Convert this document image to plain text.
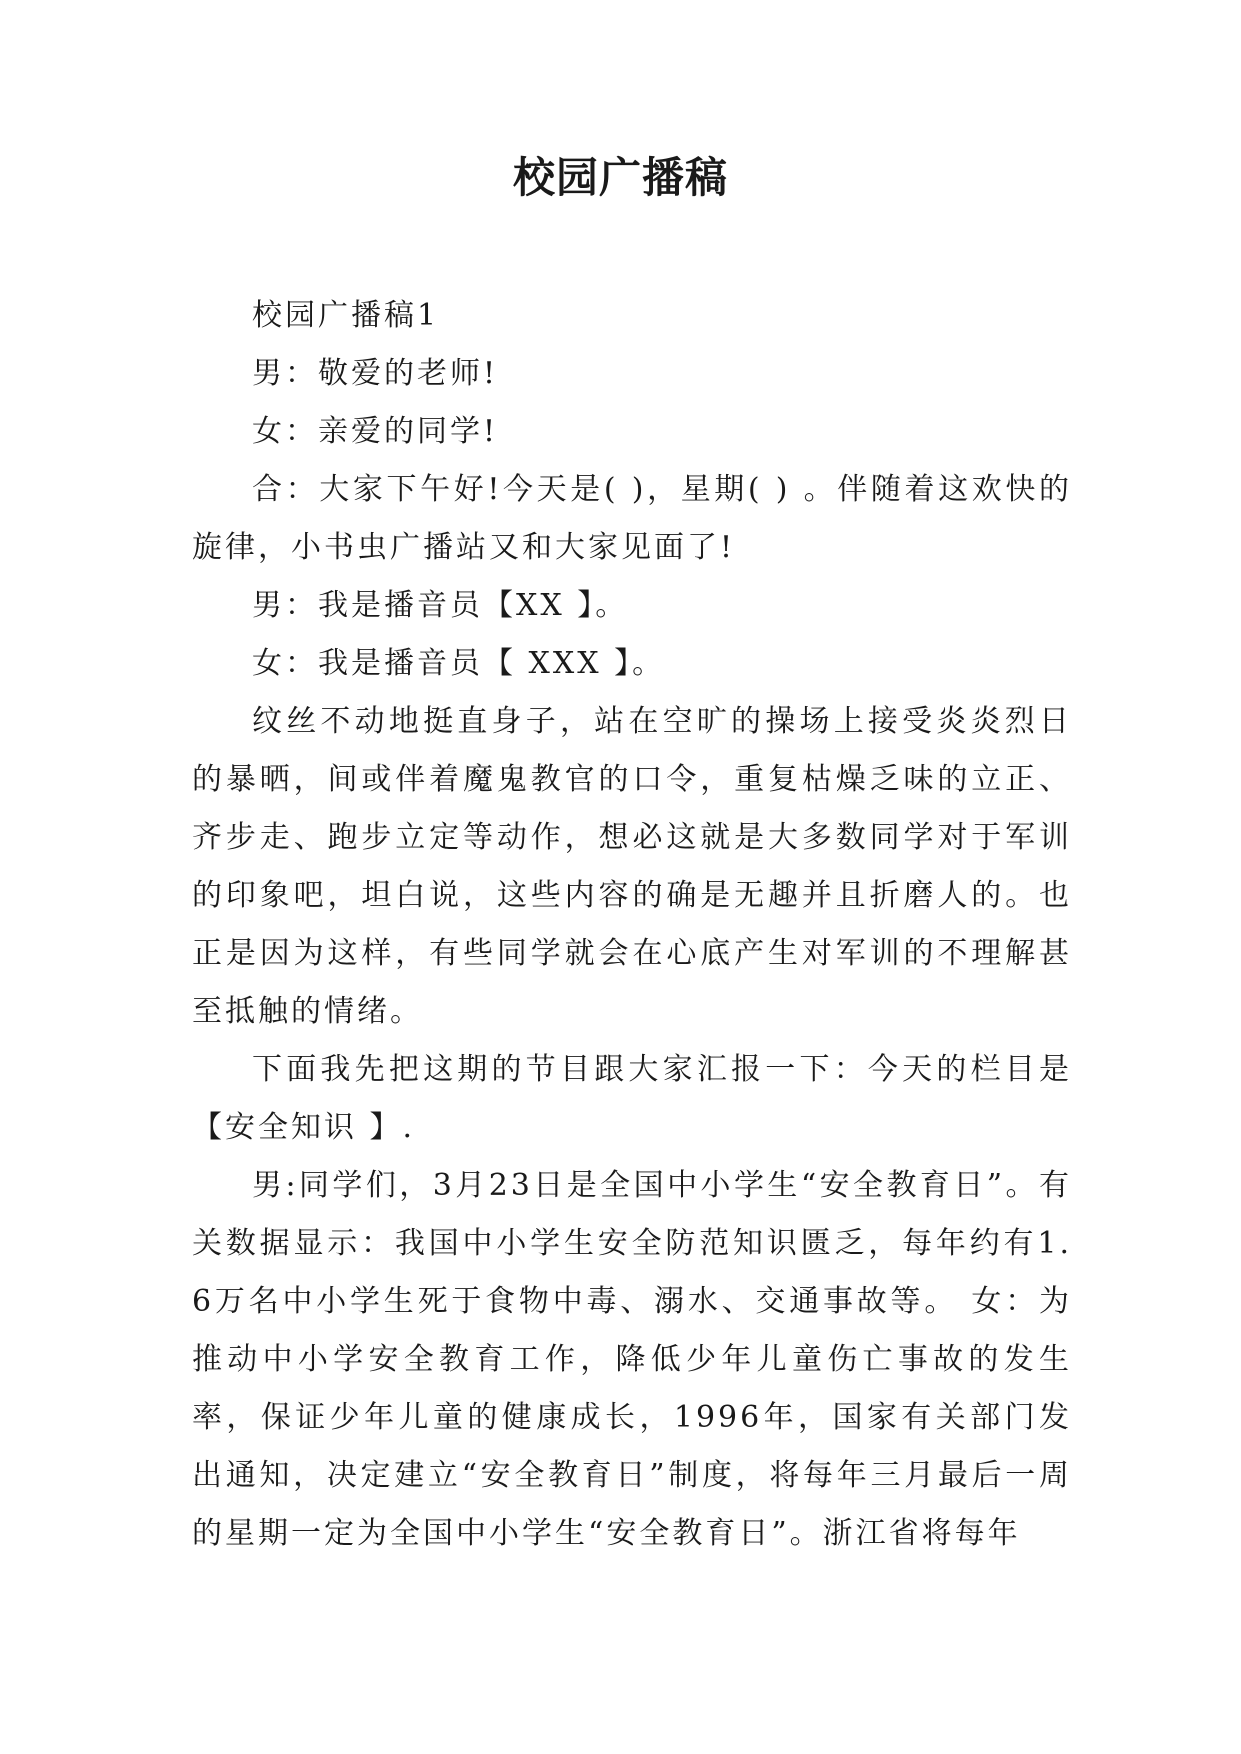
校园广播稿

校园广播稿1

男：敬爱的老师!

女：亲爱的同学!

合：大家下午好!今天是( )，星期( ) 。伴随着这欢快的旋律，小书虫广播站又和大家见面了!

男：我是播音员【XX 】。

女：我是播音员【 XXX 】。

纹丝不动地挺直身子，站在空旷的操场上接受炎炎烈日的暴晒，间或伴着魔鬼教官的口令，重复枯燥乏味的立正、齐步走、跑步立定等动作，想必这就是大多数同学对于军训的印象吧，坦白说，这些内容的确是无趣并且折磨人的。也正是因为这样，有些同学就会在心底产生对军训的不理解甚至抵触的情绪。

下面我先把这期的节目跟大家汇报一下：今天的栏目是【安全知识 】.

男:同学们，3月23日是全国中小学生“安全教育日”。有关数据显示：我国中小学生安全防范知识匮乏，每年约有1.6万名中小学生死于食物中毒、溺水、交通事故等。 女：为推动中小学安全教育工作，降低少年儿童伤亡事故的发生率，保证少年儿童的健康成长，1996年，国家有关部门发出通知，决定建立“安全教育日”制度，将每年三月最后一周的星期一定为全国中小学生“安全教育日”。浙江省将每年
